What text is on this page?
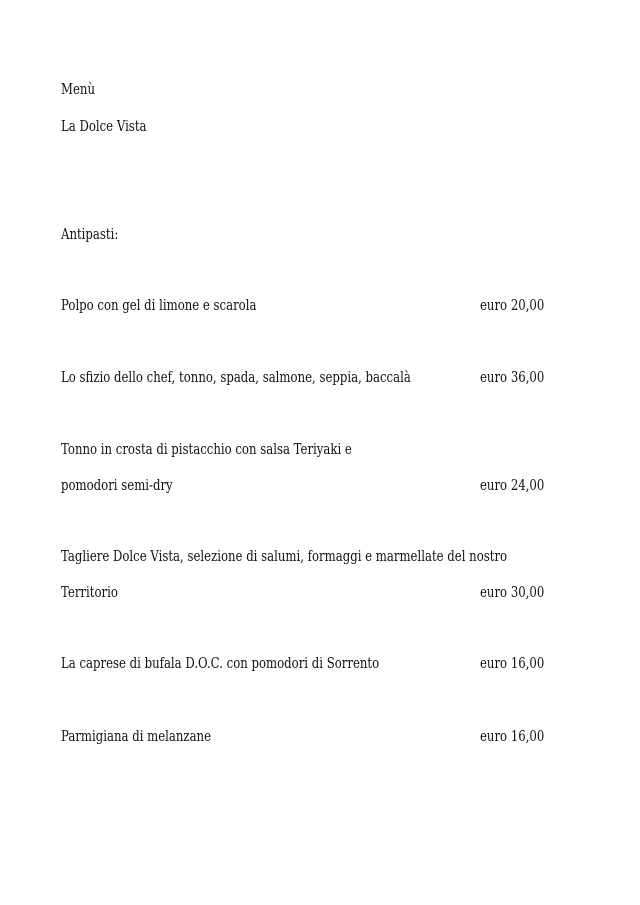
Menù
La Dolce Vista
Antipasti:
Polpo con gel di limone e scarola	euro 20,00
Lo sfizio dello chef, tonno, spada, salmone, seppia, baccalà	euro 36,00
Tonno in crosta di pistacchio con salsa Teriyaki e
pomodori semi-dry	euro 24,00
Tagliere Dolce Vista, selezione di salumi, formaggi e marmellate del nostro
Territorio	euro 30,00
La caprese di bufala D.O.C. con pomodori di Sorrento	euro 16,00
Parmigiana di melanzane	euro 16,00
